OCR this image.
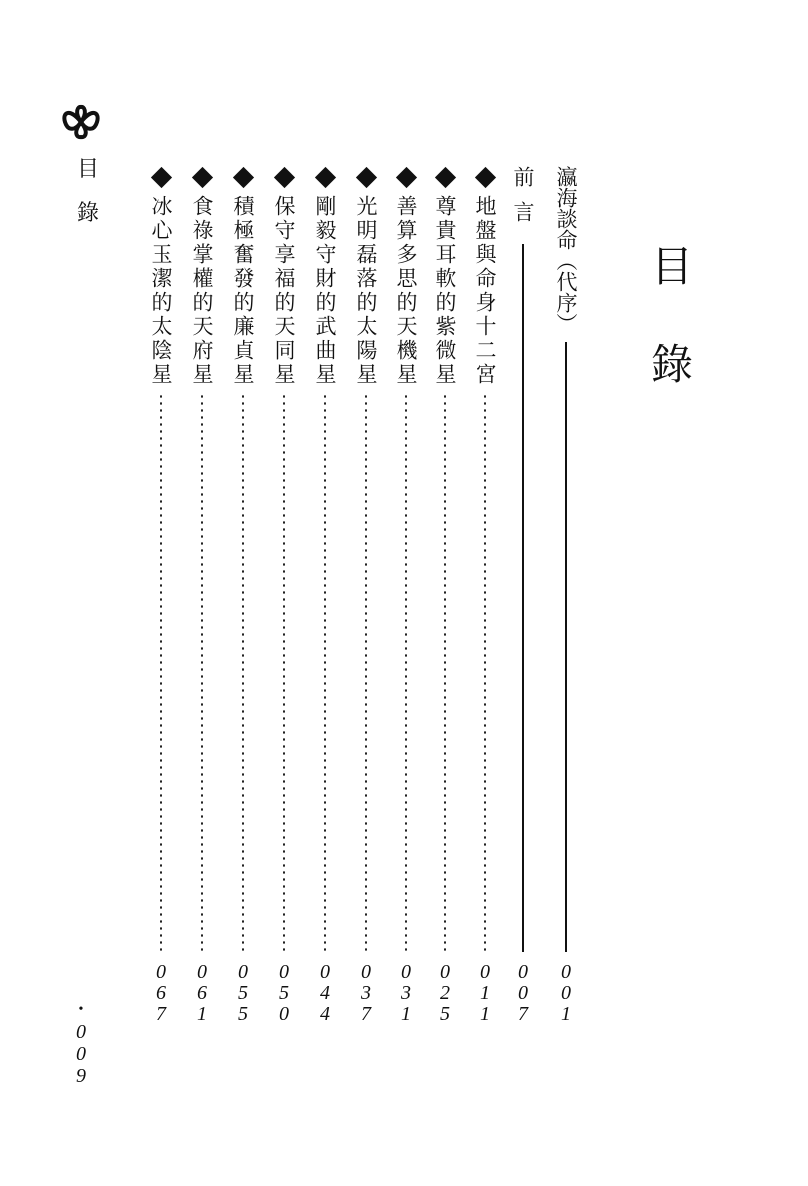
目
錄
目
錄
瀛海談命（代序）
0
0
1
前言
0
0
7
地盤與命身十二宮
0
1
1
尊貴耳軟的紫微星
0
2
5
善算多思的天機星
0
3
1
光明磊落的太陽星
0
3
7
剛毅守財的武曲星
0
4
4
保守享福的天同星
0
5
0
積極奮發的廉貞星
0
5
5
食祿掌權的天府星
0
6
1
冰心玉潔的太陰星
0
6
7
•
0
0
9
